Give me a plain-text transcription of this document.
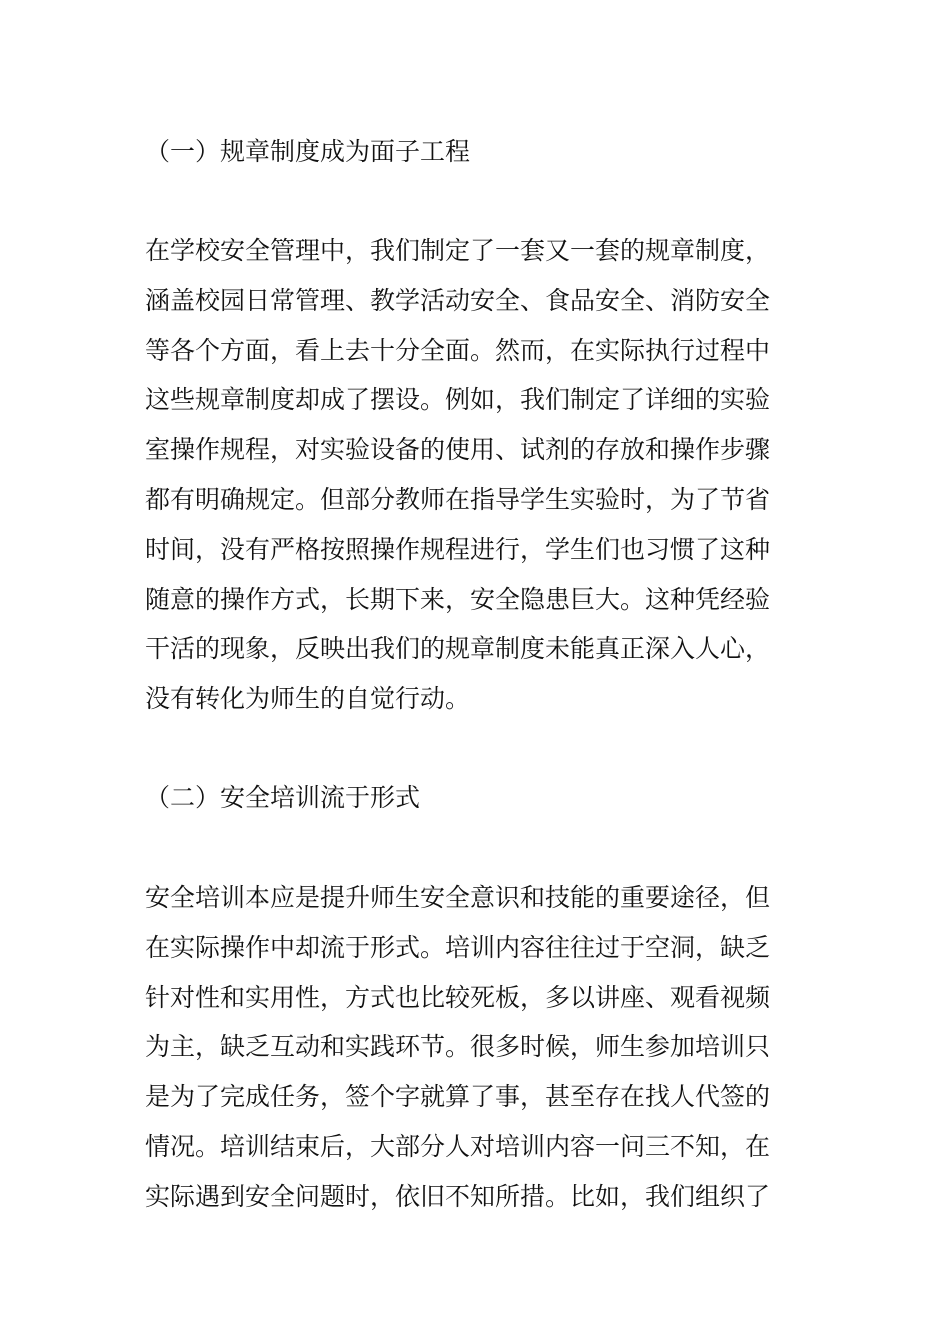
（一）规章制度成为面子工程
在学校安全管理中，我们制定了一套又一套的规章制度，
涵盖校园日常管理、教学活动安全、食品安全、消防安全
等各个方面，看上去十分全面。然而，在实际执行过程中
这些规章制度却成了摆设。例如，我们制定了详细的实验
室操作规程，对实验设备的使用、试剂的存放和操作步骤
都有明确规定。但部分教师在指导学生实验时，为了节省
时间，没有严格按照操作规程进行，学生们也习惯了这种
随意的操作方式，长期下来，安全隐患巨大。这种凭经验
干活的现象，反映出我们的规章制度未能真正深入人心，
没有转化为师生的自觉行动。
（二）安全培训流于形式
安全培训本应是提升师生安全意识和技能的重要途径，但
在实际操作中却流于形式。培训内容往往过于空洞，缺乏
针对性和实用性，方式也比较死板，多以讲座、观看视频
为主，缺乏互动和实践环节。很多时候，师生参加培训只
是为了完成任务，签个字就算了事，甚至存在找人代签的
情况。培训结束后，大部分人对培训内容一问三不知，在
实际遇到安全问题时，依旧不知所措。比如，我们组织了
